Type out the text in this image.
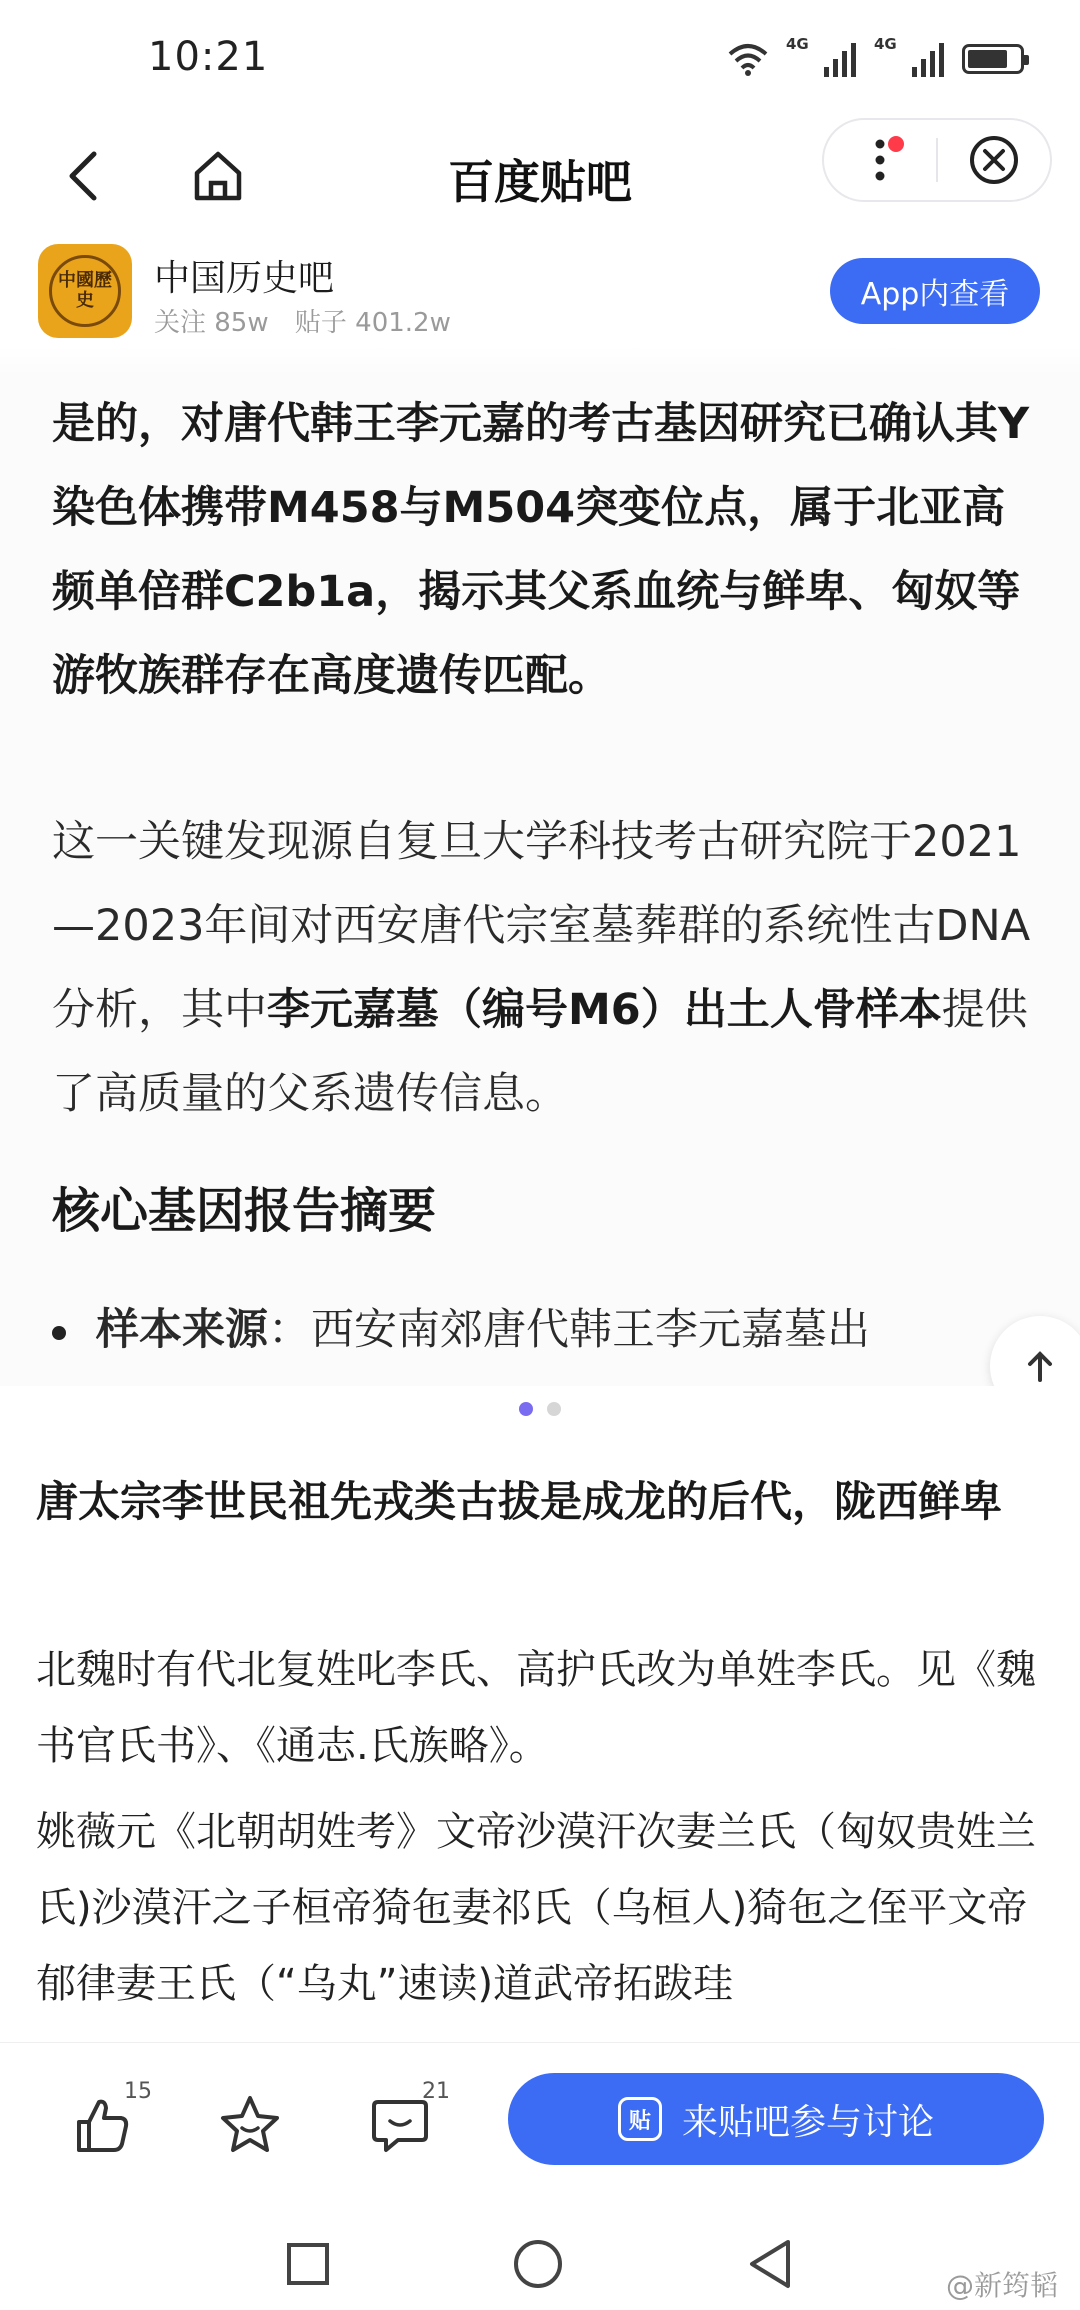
10:21	4G	4G
百度贴吧
中國歷史
中国历史吧
关注 85w 贴子 401.2w
App内查看
是的，对唐代韩王李元嘉的考古基因研究已确认其Y染色体携带M458与M504突变位点，属于北亚高频单倍群C2b1a，揭示其父系血统与鲜卑、匈奴等游牧族群存在高度遗传匹配。
这一关键发现源自复旦大学科技考古研究院于2021—2023年间对西安唐代宗室墓葬群的系统性古DNA分析，其中李元嘉墓（编号M6）出土人骨样本提供了高质量的父系遗传信息。
核心基因报告摘要
样本来源：西安南郊唐代韩王李元嘉墓出
唐太宗李世民祖先戎类古拔是成龙的后代，陇西鲜卑
北魏时有代北复姓叱李氏、高护氏改为单姓李氏。见《魏书官氏书》、《通志.氏族略》。
姚薇元《北朝胡姓考》文帝沙漠汗次妻兰氏（匈奴贵姓兰氏)沙漠汗之子桓帝猗㐌妻祁氏（乌桓人)猗㐌之侄平文帝郁律妻王氏（“乌丸”速读)道武帝拓跋珪
15	21
贴 来贴吧参与讨论
@新筠韬
